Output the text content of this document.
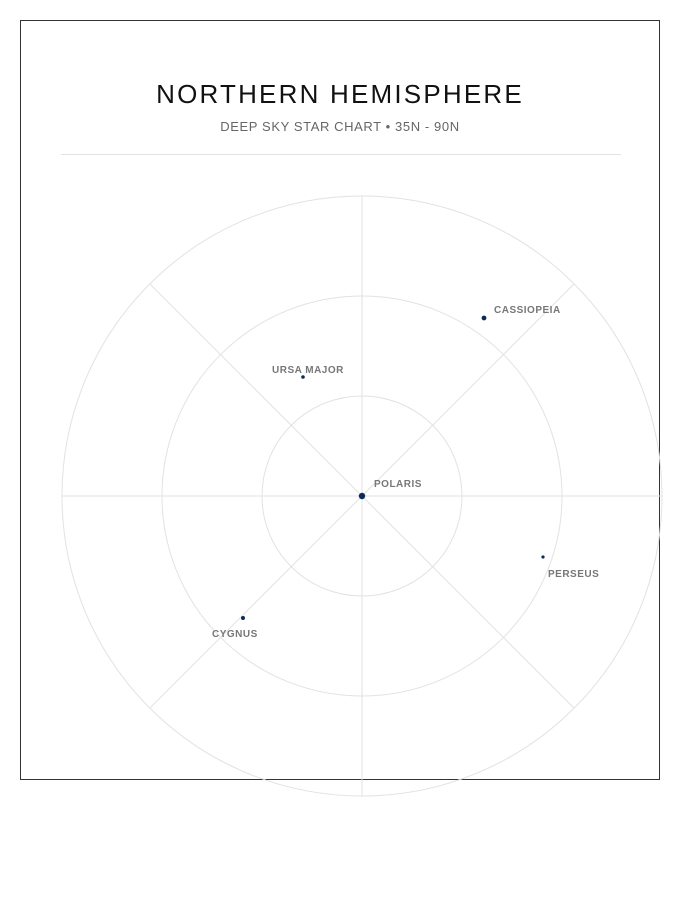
NORTHERN HEMISPHERE

DEEP SKY STAR CHART • 35N - 90N

POLARIS
CASSIOPEIA
URSA MAJOR
PERSEUS
CYGNUS
